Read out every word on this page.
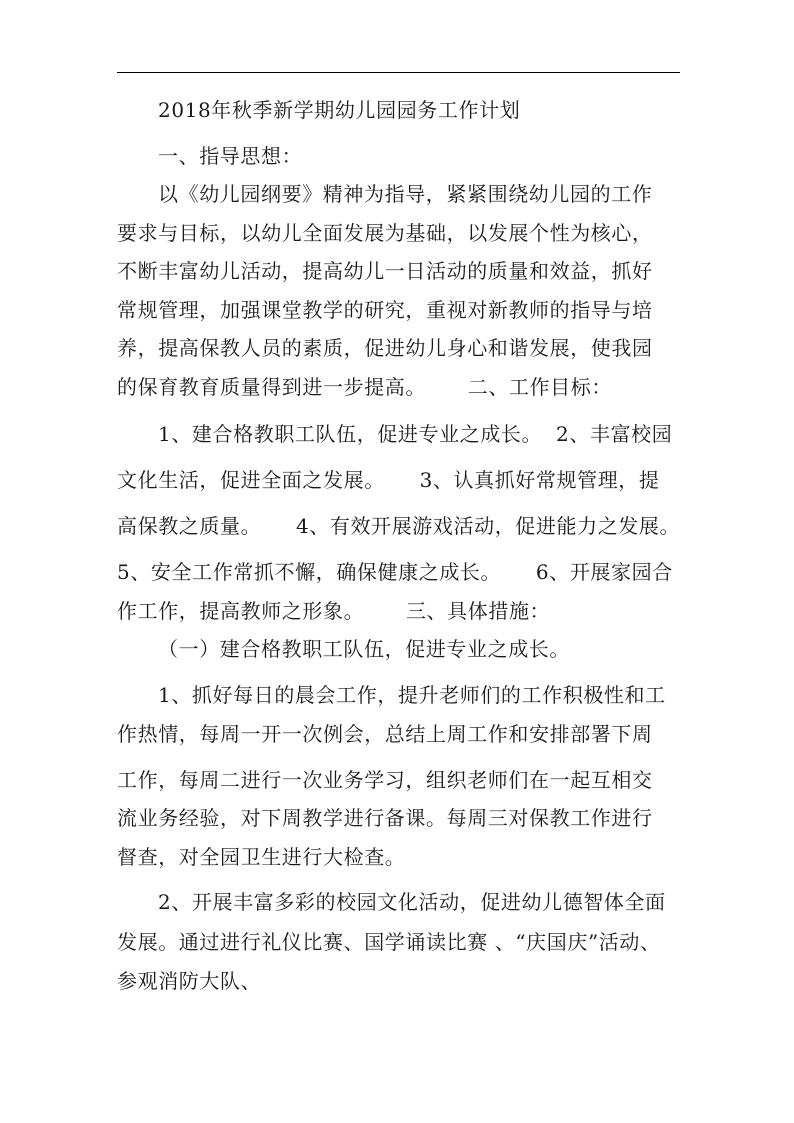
2018年秋季新学期幼儿园园务工作计划
一、指导思想：
以《幼儿园纲要》精神为指导，紧紧围绕幼儿园的工作
要求与目标，以幼儿全面发展为基础，以发展个性为核心，
不断丰富幼儿活动，提高幼儿一日活动的质量和效益，抓好
常规管理，加强课堂教学的研究，重视对新教师的指导与培
养，提高保教人员的素质，促进幼儿身心和谐发展，使我园
的保育教育质量得到进一步提高。      二、工作目标：
1、建合格教职工队伍，促进专业之成长。  2、丰富校园
文化生活，促进全面之发展。     3、认真抓好常规管理，提
高保教之质量。     4、有效开展游戏活动，促进能力之发展。
5、安全工作常抓不懈，确保健康之成长。     6、开展家园合
作工作，提高教师之形象。      三、具体措施：
（一）建合格教职工队伍，促进专业之成长。
1、抓好每日的晨会工作，提升老师们的工作积极性和工
作热情，每周一开一次例会，总结上周工作和安排部署下周
工作，每周二进行一次业务学习，组织老师们在一起互相交
流业务经验，对下周教学进行备课。每周三对保教工作进行
督查，对全园卫生进行大检查。
2、开展丰富多彩的校园文化活动，促进幼儿德智体全面
发展。通过进行礼仪比赛、国学诵读比赛 、“庆国庆”活动、
参观消防大队、
